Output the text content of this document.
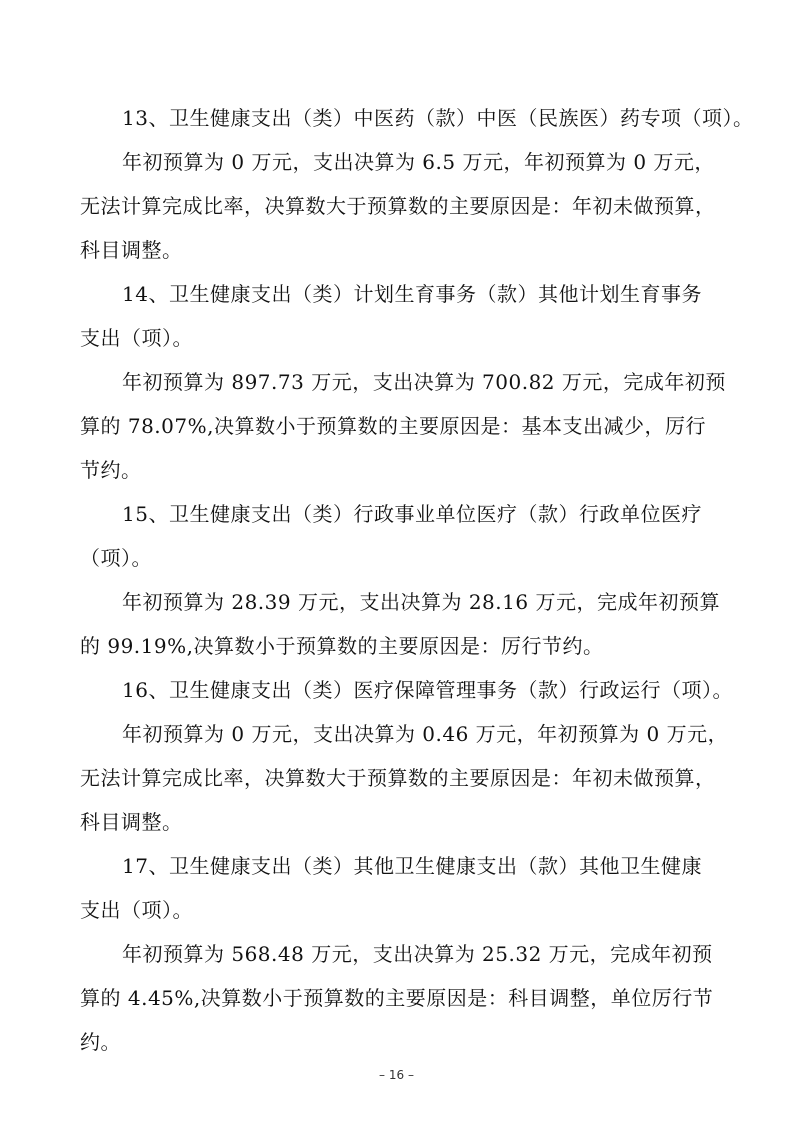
13、卫生健康支出（类）中医药（款）中医（民族医）药专项（项）。
年初预算为 0 万元，支出决算为 6.5 万元，年初预算为 0 万元，
无法计算完成比率，决算数大于预算数的主要原因是：年初未做预算，
科目调整。
14、卫生健康支出（类）计划生育事务（款）其他计划生育事务
支出（项）。
年初预算为 897.73 万元，支出决算为 700.82 万元，完成年初预
算的 78.07%,决算数小于预算数的主要原因是：基本支出减少，厉行
节约。
15、卫生健康支出（类）行政事业单位医疗（款）行政单位医疗
（项）。
年初预算为 28.39 万元，支出决算为 28.16 万元，完成年初预算
的 99.19%,决算数小于预算数的主要原因是：厉行节约。
16、卫生健康支出（类）医疗保障管理事务（款）行政运行（项）。
年初预算为 0 万元，支出决算为 0.46 万元，年初预算为 0 万元，
无法计算完成比率，决算数大于预算数的主要原因是：年初未做预算，
科目调整。
17、卫生健康支出（类）其他卫生健康支出（款）其他卫生健康
支出（项）。
年初预算为 568.48 万元，支出决算为 25.32 万元，完成年初预
算的 4.45%,决算数小于预算数的主要原因是：科目调整，单位厉行节
约。
– 16 –
